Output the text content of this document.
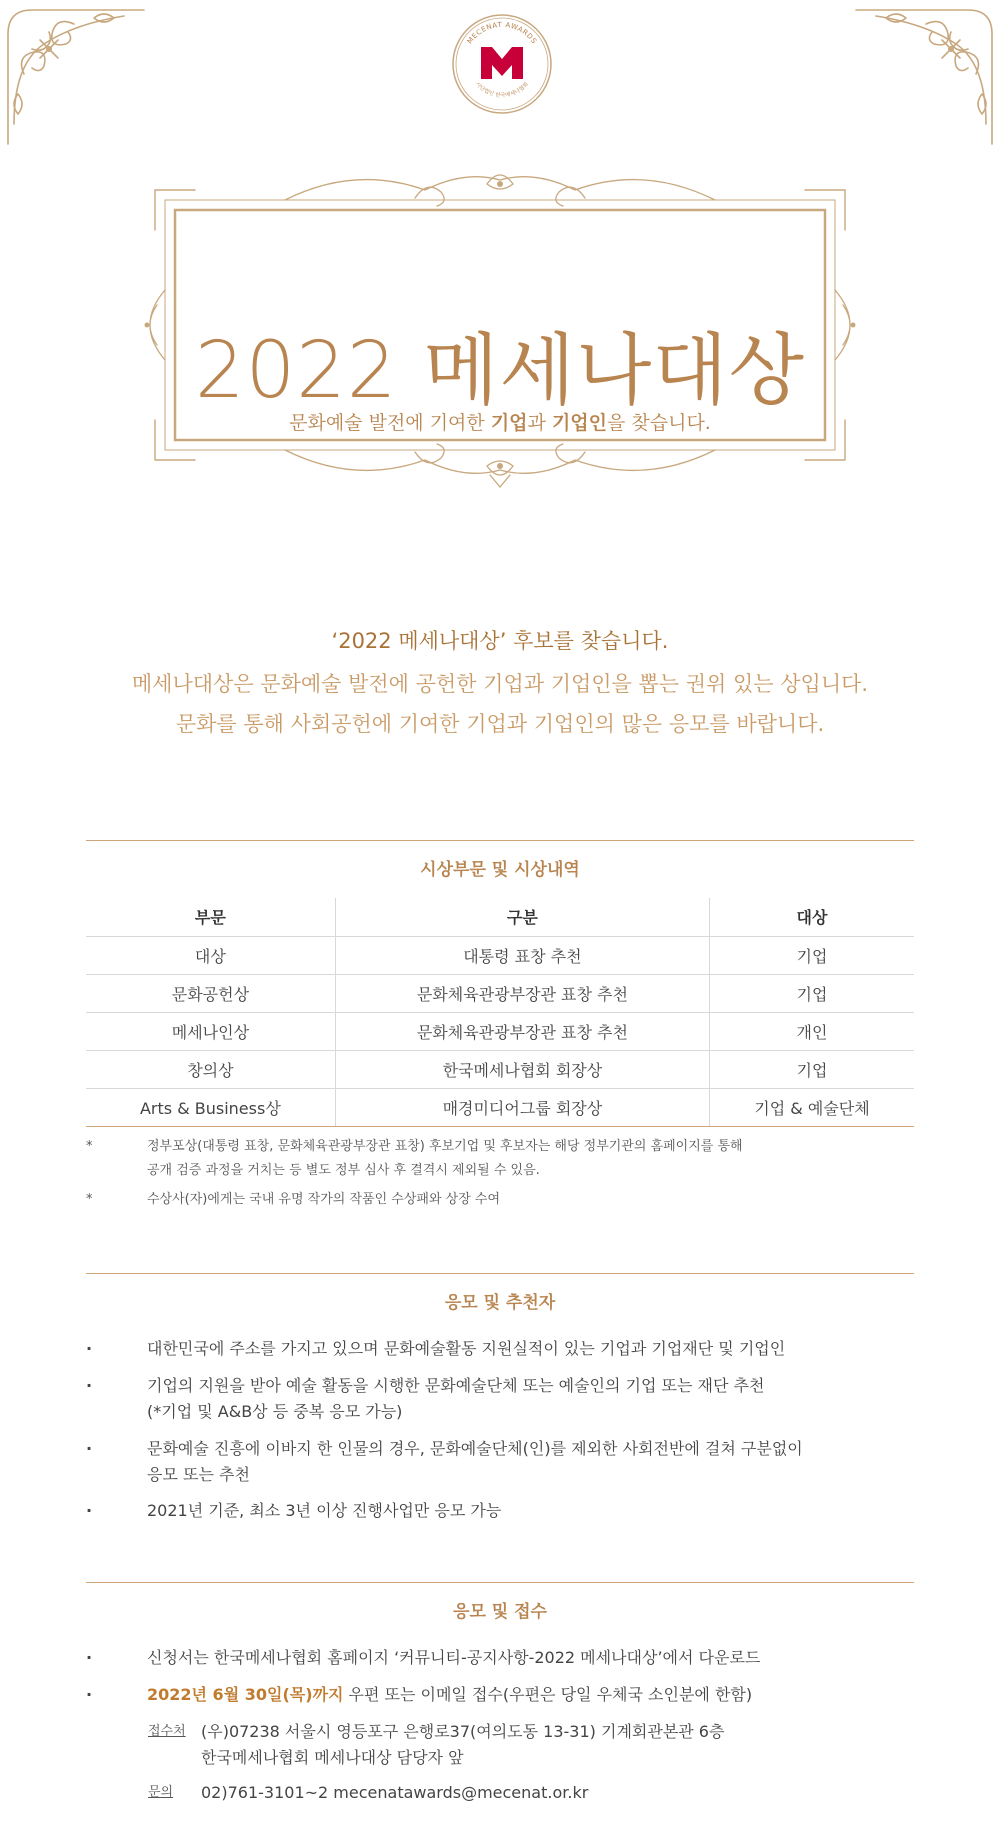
MECENAT AWARDS
사단법인 한국메세나협회
2022 메세나대상
문화예술 발전에 기여한 기업과 기업인을 찾습니다.
‘2022 메세나대상’ 후보를 찾습니다.
메세나대상은 문화예술 발전에 공헌한 기업과 기업인을 뽑는 권위 있는 상입니다.
문화를 통해 사회공헌에 기여한 기업과 기업인의 많은 응모를 바랍니다.
시상부문 및 시상내역
부문	구분	대상
대상	대통령 표창 추천	기업
문화공헌상	문화체육관광부장관 표창 추천	기업
메세나인상	문화체육관광부장관 표창 추천	개인
창의상	한국메세나협회 회장상	기업
Arts & Business상	매경미디어그룹 회장상	기업 & 예술단체
*	정부포상(대통령 표창, 문화체육관광부장관 표창) 후보기업 및 후보자는 해당 정부기관의 홈페이지를 통해
공개 검증 과정을 거치는 등 별도 정부 심사 후 결격시 제외될 수 있음.
*	수상사(자)에게는 국내 유명 작가의 작품인 수상패와 상장 수여
응모 및 추천자
·	대한민국에 주소를 가지고 있으며 문화예술활동 지원실적이 있는 기업과 기업재단 및 기업인
·	기업의 지원을 받아 예술 활동을 시행한 문화예술단체 또는 예술인의 기업 또는 재단 추천
(*기업 및 A&B상 등 중복 응모 가능)
·	문화예술 진흥에 이바지 한 인물의 경우, 문화예술단체(인)를 제외한 사회전반에 걸쳐 구분없이
응모 또는 추천
·	2021년 기준, 최소 3년 이상 진행사업만 응모 가능
응모 및 접수
·	신청서는 한국메세나협회 홈페이지 ‘커뮤니티-공지사항-2022 메세나대상’에서 다운로드
·	2022년 6월 30일(목)까지 우편 또는 이메일 접수(우편은 당일 우체국 소인분에 한함)
접수처 (우)07238 서울시 영등포구 은행로37(여의도동 13-31) 기계회관본관 6층
한국메세나협회 메세나대상 담당자 앞
문의 02)761-3101~2 mecenatawards@mecenat.or.kr
